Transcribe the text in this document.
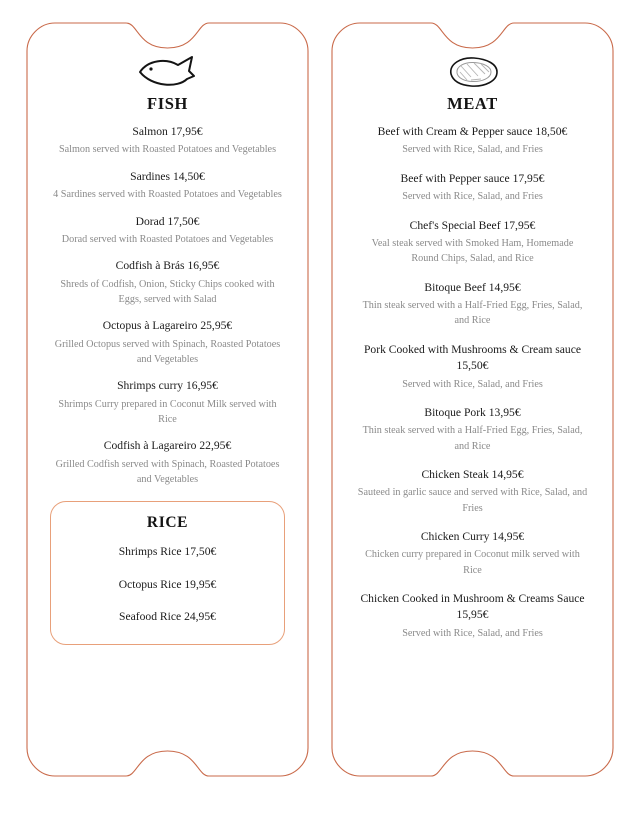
FISH

Salmon 17,95€

Salmon served with Roasted Potatoes and Vegetables

Sardines 14,50€

4 Sardines served with Roasted Potatoes and Vegetables

Dorad 17,50€

Dorad served with Roasted Potatoes and Vegetables

Codfish à Brás 16,95€

Shreds of Codfish, Onion, Sticky Chips cooked with Eggs, served with Salad

Octopus à Lagareiro 25,95€

Grilled Octopus served with Spinach, Roasted Potatoes and Vegetables

Shrimps curry 16,95€

Shrimps Curry prepared in Coconut Milk served with Rice

Codfish à Lagareiro 22,95€

Grilled Codfish served with Spinach, Roasted Potatoes and Vegetables

RICE

Shrimps Rice 17,50€

Octopus Rice 19,95€

Seafood Rice 24,95€

MEAT

Beef with Cream & Pepper sauce 18,50€

Served with Rice, Salad, and Fries

Beef with Pepper sauce 17,95€

Served with Rice, Salad, and Fries

Chef's Special Beef 17,95€

Veal steak served with Smoked Ham, Homemade Round Chips, Salad, and Rice

Bitoque Beef 14,95€

Thin steak served with a Half-Fried Egg, Fries, Salad, and Rice

Pork Cooked with Mushrooms & Cream sauce 15,50€

Served with Rice, Salad, and Fries

Bitoque Pork 13,95€

Thin steak served with a Half-Fried Egg, Fries, Salad, and Rice

Chicken Steak 14,95€

Sauteed in garlic sauce and served with Rice, Salad, and Fries

Chicken Curry 14,95€

Chicken curry prepared in Coconut milk served with Rice

Chicken Cooked in Mushroom & Creams Sauce 15,95€

Served with Rice, Salad, and Fries
